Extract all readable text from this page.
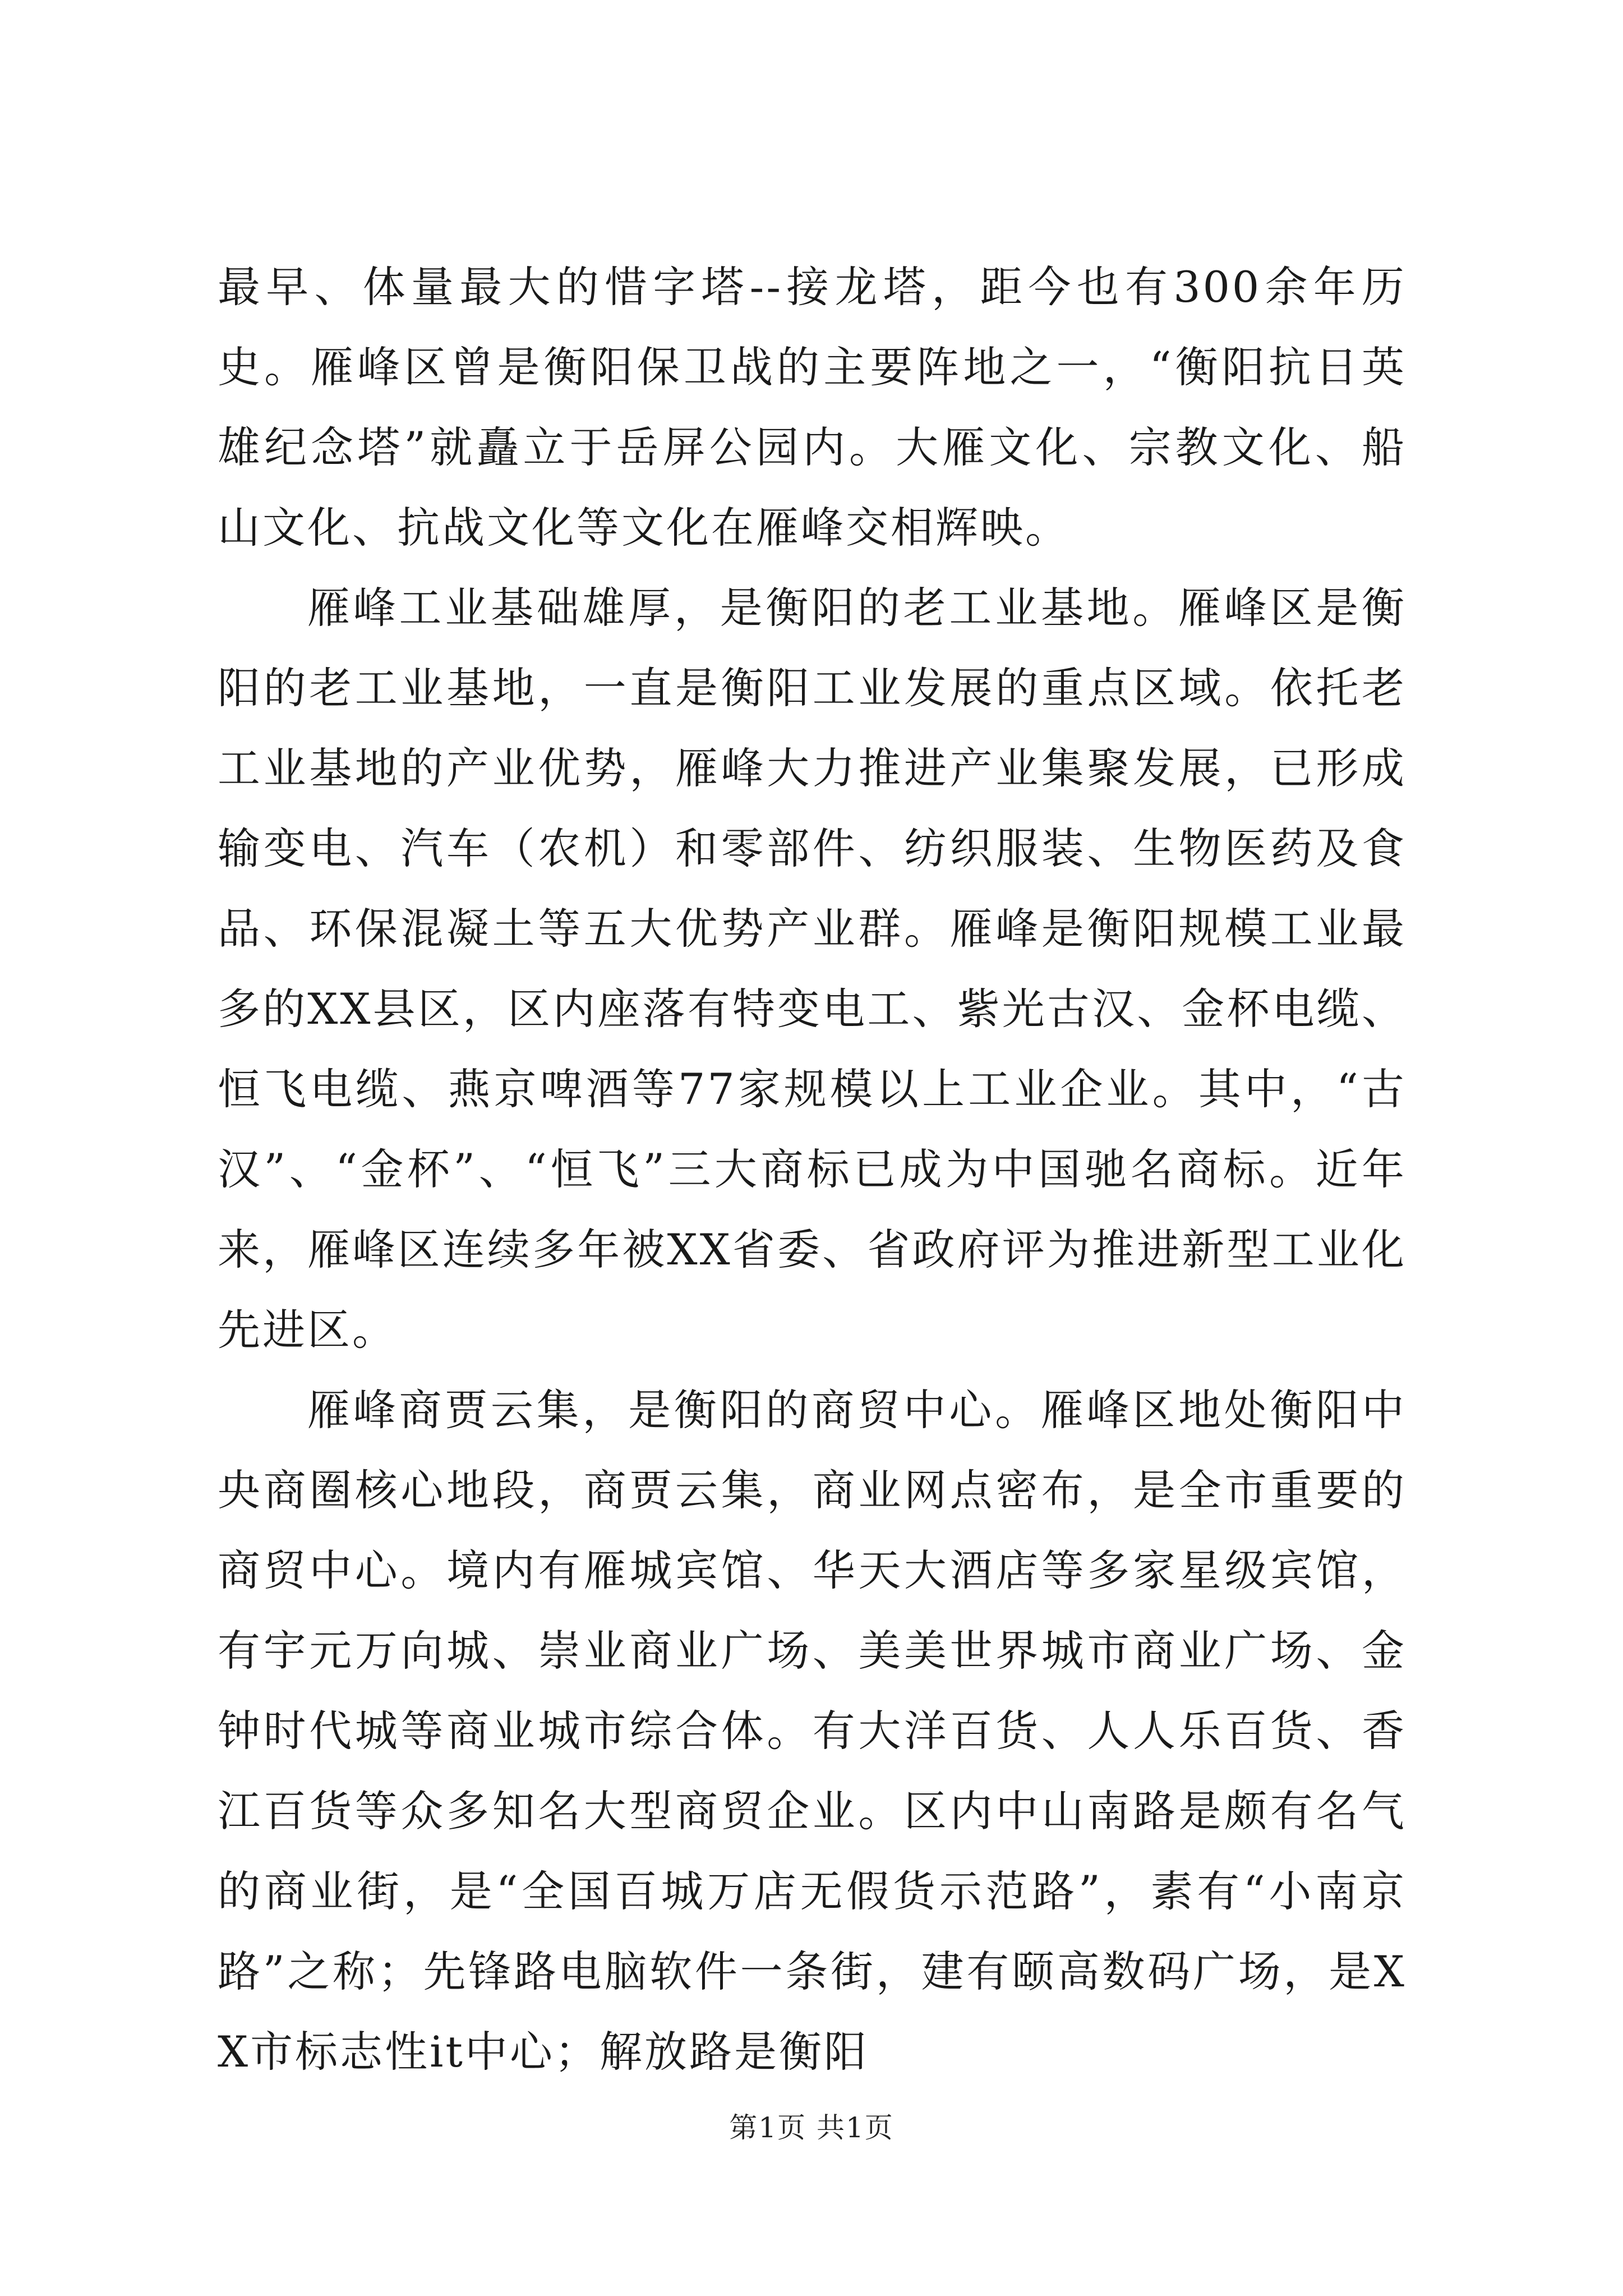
最早、体量最大的惜字塔--接龙塔，距今也有300余年历史。雁峰区曾是衡阳保卫战的主要阵地之一，“衡阳抗日英雄纪念塔”就矗立于岳屏公园内。大雁文化、宗教文化、船山文化、抗战文化等文化在雁峰交相辉映。

雁峰工业基础雄厚，是衡阳的老工业基地。雁峰区是衡阳的老工业基地，一直是衡阳工业发展的重点区域。依托老工业基地的产业优势，雁峰大力推进产业集聚发展，已形成输变电、汽车（农机）和零部件、纺织服装、生物医药及食品、环保混凝土等五大优势产业群。雁峰是衡阳规模工业最多的XX县区，区内座落有特变电工、紫光古汉、金杯电缆、恒飞电缆、燕京啤酒等77家规模以上工业企业。其中，“古汉”、“金杯”、“恒飞”三大商标已成为中国驰名商标。近年来，雁峰区连续多年被XX省委、省政府评为推进新型工业化先进区。

雁峰商贾云集，是衡阳的商贸中心。雁峰区地处衡阳中央商圈核心地段，商贾云集，商业网点密布，是全市重要的商贸中心。境内有雁城宾馆、华天大酒店等多家星级宾馆，有宇元万向城、崇业商业广场、美美世界城市商业广场、金钟时代城等商业城市综合体。有大洋百货、人人乐百货、香江百货等众多知名大型商贸企业。区内中山南路是颇有名气的商业街，是“全国百城万店无假货示范路”，素有“小南京路”之称；先锋路电脑软件一条街，建有颐高数码广场，是XX市标志性it中心；解放路是衡阳

第1页 共1页
